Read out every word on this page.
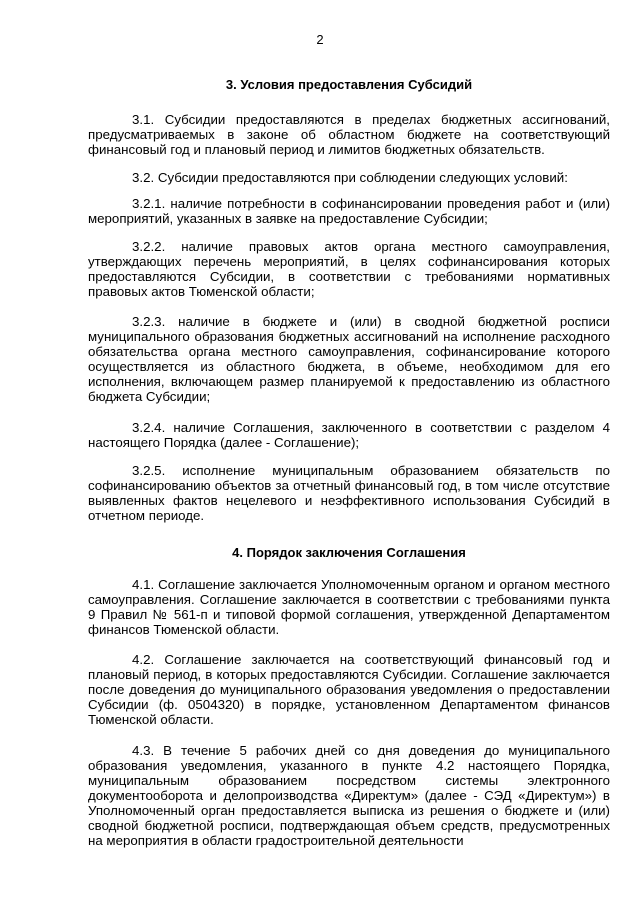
2
3. Условия предоставления Субсидий

3.1. Субсидии предоставляются в пределах бюджетных ассигнований, предусматриваемых в законе об областном бюджете на соответствующий финансовый год и плановый период и лимитов бюджетных обязательств.

3.2. Субсидии предоставляются при соблюдении следующих условий:

3.2.1. наличие потребности в софинансировании проведения работ и (или) мероприятий, указанных в заявке на предоставление Субсидии;

3.2.2. наличие правовых актов органа местного самоуправления, утверждающих перечень мероприятий, в целях софинансирования которых предоставляются Субсидии, в соответствии с требованиями нормативных правовых актов Тюменской области;

3.2.3. наличие в бюджете и (или) в сводной бюджетной росписи муниципального образования бюджетных ассигнований на исполнение расходного обязательства органа местного самоуправления, софинансирование которого осуществляется из областного бюджета, в объеме, необходимом для его исполнения, включающем размер планируемой к предоставлению из областного бюджета Субсидии;

3.2.4. наличие Соглашения, заключенного в соответствии с разделом 4 настоящего Порядка (далее - Соглашение);

3.2.5. исполнение муниципальным образованием обязательств по софинансированию объектов за отчетный финансовый год, в том числе отсутствие выявленных фактов нецелевого и неэффективного использования Субсидий в отчетном периоде.

4. Порядок заключения Соглашения

4.1. Соглашение заключается Уполномоченным органом и органом местного самоуправления. Соглашение заключается в соответствии с требованиями пункта 9 Правил № 561-п и типовой формой соглашения, утвержденной Департаментом финансов Тюменской области.

4.2. Соглашение заключается на соответствующий финансовый год и плановый период, в которых предоставляются Субсидии. Соглашение заключается после доведения до муниципального образования уведомления о предоставлении Субсидии (ф. 0504320) в порядке, установленном Департаментом финансов Тюменской области.

4.3. В течение 5 рабочих дней со дня доведения до муниципального образования уведомления, указанного в пункте 4.2 настоящего Порядка, муниципальным образованием посредством системы электронного документооборота и делопроизводства «Директум» (далее - СЭД «Директум») в Уполномоченный орган предоставляется выписка из решения о бюджете и (или) сводной бюджетной росписи, подтверждающая объем средств, предусмотренных на мероприятия в области градостроительной деятельности
